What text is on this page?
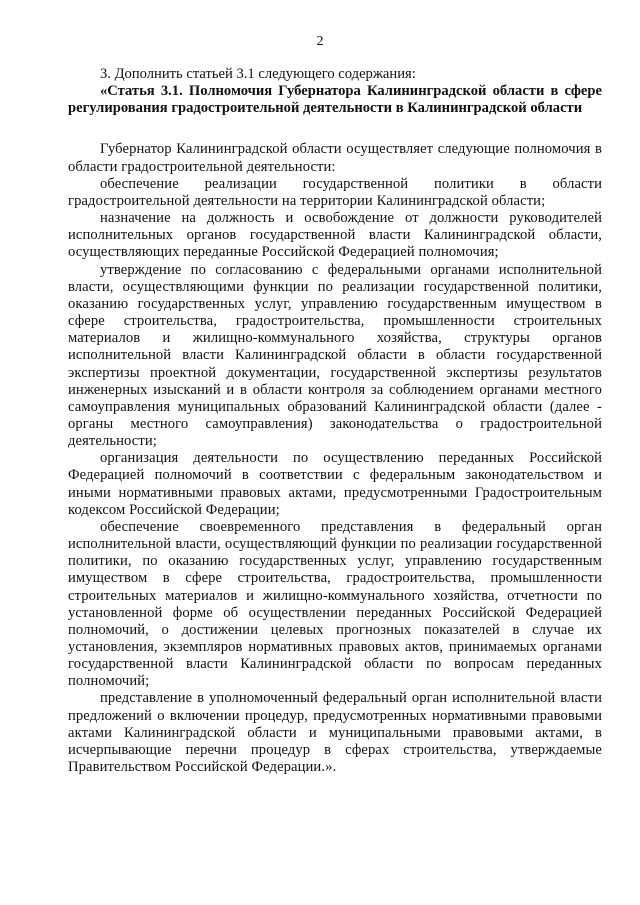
2

3. Дополнить статьей 3.1 следующего содержания:

«Статья 3.1. Полномочия Губернатора Калининградской области в сфере регулирования градостроительной деятельности в Калининградской области

Губернатор Калининградской области осуществляет следующие полномочия в области градостроительной деятельности:

обеспечение реализации государственной политики в области градостроительной деятельности на территории Калининградской области;

назначение на должность и освобождение от должности руководителей исполнительных органов государственной власти Калининградской области, осуществляющих переданные Российской Федерацией полномочия;

утверждение по согласованию с федеральными органами исполнительной власти, осуществляющими функции по реализации государственной политики, оказанию государственных услуг, управлению государственным имуществом в сфере строительства, градостроительства, промышленности строительных материалов и жилищно-коммунального хозяйства, структуры органов исполнительной власти Калининградской области в области государственной экспертизы проектной документации, государственной экспертизы результатов инженерных изысканий и в области контроля за соблюдением органами местного самоуправления муниципальных образований Калининградской области (далее - органы местного самоуправления) законодательства о градостроительной деятельности;

организация деятельности по осуществлению переданных Российской Федерацией полномочий в соответствии с федеральным законодательством и иными нормативными правовых актами, предусмотренными Градостроительным кодексом Российской Федерации;

обеспечение своевременного представления в федеральный орган исполнительной власти, осуществляющий функции по реализации государственной политики, по оказанию государственных услуг, управлению государственным имуществом в сфере строительства, градостроительства, промышленности строительных материалов и жилищно-коммунального хозяйства, отчетности по установленной форме об осуществлении переданных Российской Федерацией полномочий, о достижении целевых прогнозных показателей в случае их установления, экземпляров нормативных правовых актов, принимаемых органами государственной власти Калининградской области по вопросам переданных полномочий;

представление в уполномоченный федеральный орган исполнительной власти предложений о включении процедур, предусмотренных нормативными правовыми актами Калининградской области и муниципальными правовыми актами, в исчерпывающие перечни процедур в сферах строительства, утверждаемые Правительством Российской Федерации.».
